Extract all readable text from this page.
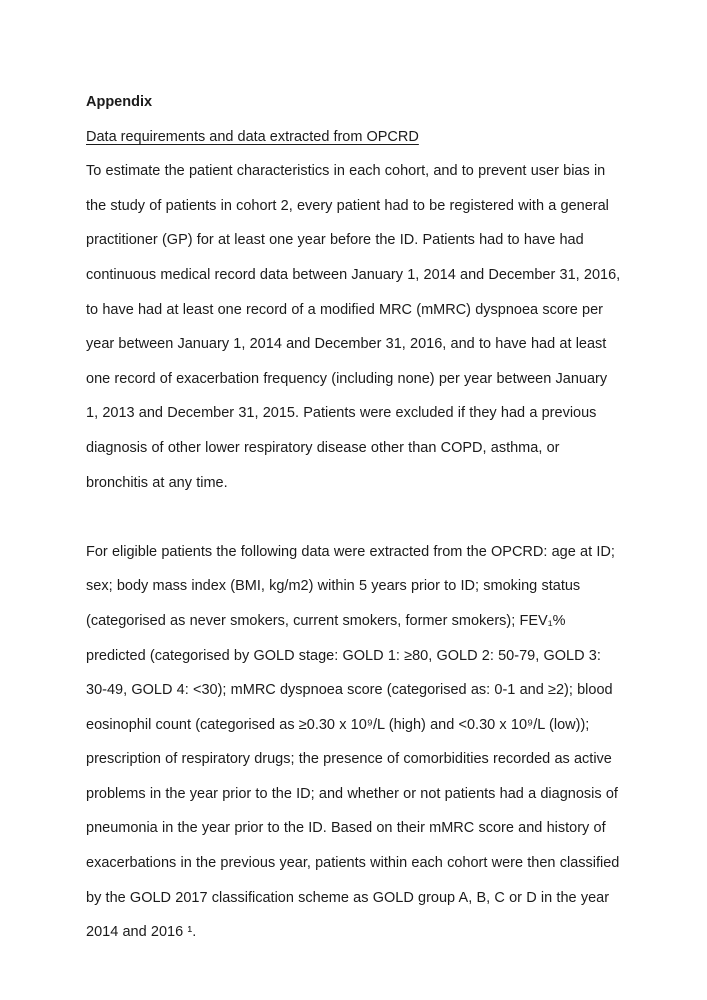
Appendix

Data requirements and data extracted from OPCRD

To estimate the patient characteristics in each cohort, and to prevent user bias in the study of patients in cohort 2, every patient had to be registered with a general practitioner (GP) for at least one year before the ID. Patients had to have had continuous medical record data between January 1, 2014 and December 31, 2016, to have had at least one record of a modified MRC (mMRC) dyspnoea score per year between January 1, 2014 and December 31, 2016, and to have had at least one record of exacerbation frequency (including none) per year between January 1, 2013 and December 31, 2015. Patients were excluded if they had a previous diagnosis of other lower respiratory disease other than COPD, asthma, or bronchitis at any time.

For eligible patients the following data were extracted from the OPCRD: age at ID; sex; body mass index (BMI, kg/m2) within 5 years prior to ID; smoking status (categorised as never smokers, current smokers, former smokers); FEV₁% predicted (categorised by GOLD stage: GOLD 1: ≥80, GOLD 2: 50-79, GOLD 3: 30-49, GOLD 4: <30); mMRC dyspnoea score (categorised as: 0-1 and ≥2); blood eosinophil count (categorised as ≥0.30 x 10⁹/L (high) and <0.30 x 10⁹/L (low)); prescription of respiratory drugs; the presence of comorbidities recorded as active problems in the year prior to the ID; and whether or not patients had a diagnosis of pneumonia in the year prior to the ID. Based on their mMRC score and history of exacerbations in the previous year, patients within each cohort were then classified by the GOLD 2017 classification scheme as GOLD group A, B, C or D in the year 2014 and 2016 ¹.
